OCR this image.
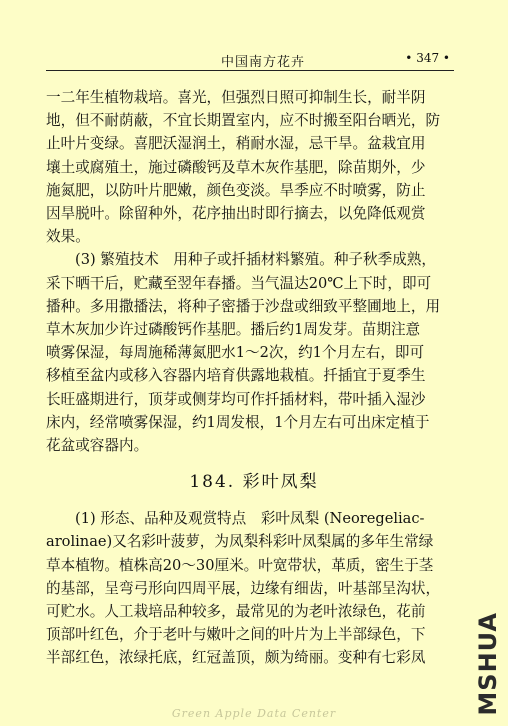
中国南方花卉	• 347 •

一二年生植物栽培。喜光，但强烈日照可抑制生长，耐半阴
地，但不耐荫蔽，不宜长期置室内，应不时搬至阳台晒光，防
止叶片变绿。喜肥沃湿润土，稍耐水湿，忌干旱。盆栽宜用
壤土或腐殖土，施过磷酸钙及草木灰作基肥，除苗期外，少
施氮肥，以防叶片肥嫩，颜色变淡。旱季应不时喷雾，防止
因旱脱叶。除留种外，花序抽出时即行摘去，以免降低观赏
效果。

(3) 繁殖技术　用种子或扦插材料繁殖。种子秋季成熟，
采下晒干后，贮藏至翌年春播。当气温达20℃上下时，即可
播种。多用撒播法，将种子密播于沙盘或细致平整圃地上，用
草木灰加少许过磷酸钙作基肥。播后约1周发芽。苗期注意
喷雾保湿，每周施稀薄氮肥水1～2次，约1个月左右，即可
移植至盆内或移入容器内培育供露地栽植。扦插宜于夏季生
长旺盛期进行，顶芽或侧芽均可作扦插材料，带叶插入湿沙
床内，经常喷雾保湿，约1周发根，1个月左右可出床定植于
花盆或容器内。

184. 彩叶凤梨

(1) 形态、品种及观赏特点　彩叶凤梨 (Neoregeliac-
arolinae)又名彩叶菠萝，为凤梨科彩叶凤梨属的多年生常绿
草本植物。植株高20～30厘米。叶宽带状，革质，密生于茎
的基部，呈弯弓形向四周平展，边缘有细齿，叶基部呈沟状，
可贮水。人工栽培品种较多，最常见的为老叶浓绿色，花前
顶部叶红色，介于老叶与嫩叶之间的叶片为上半部绿色，下
半部红色，浓绿托底，红冠盖顶，颇为绮丽。变种有七彩凤	MSHUA
Green Apple Data Center
